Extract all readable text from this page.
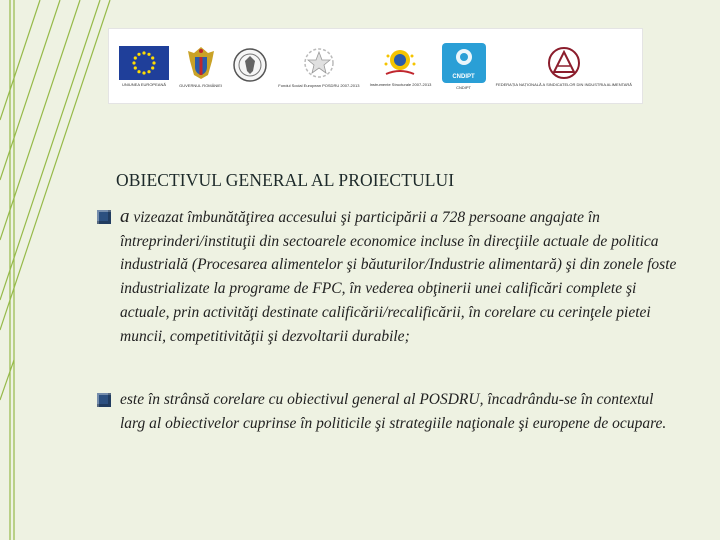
UNIUNEA EUROPEANĂ	GUVERNUL ROMÂNIEI	Fondul Social European POSDRU 2007-2013	Instrumente Structurale 2007-2013
CNDIPT
CNDIPT
FEDERAȚIA NAȚIONALĂ A SINDICATELOR DIN INDUSTRIA ALIMENTARĂ
OBIECTIVUL GENERAL AL PROIECTULUI
a vizeazat îmbunătăţirea accesului şi participării a 728 persoane angajate în întreprinderi/instituţii din sectoarele economice incluse în direcţiile actuale de politica industrială (Procesarea alimentelor şi băuturilor/Industrie alimentară) şi din zonele foste industrializate la programe de FPC, în vederea obţinerii unei calificări complete şi actuale, prin activităţi destinate calificării/recalificării, în corelare cu cerinţele pietei muncii, competitivităţii şi dezvoltarii durabile;
este în strânsă corelare cu obiectivul general al POSDRU, încadrându-se în contextul larg al obiectivelor cuprinse în politicile şi strategiile naţionale şi europene de ocupare.
